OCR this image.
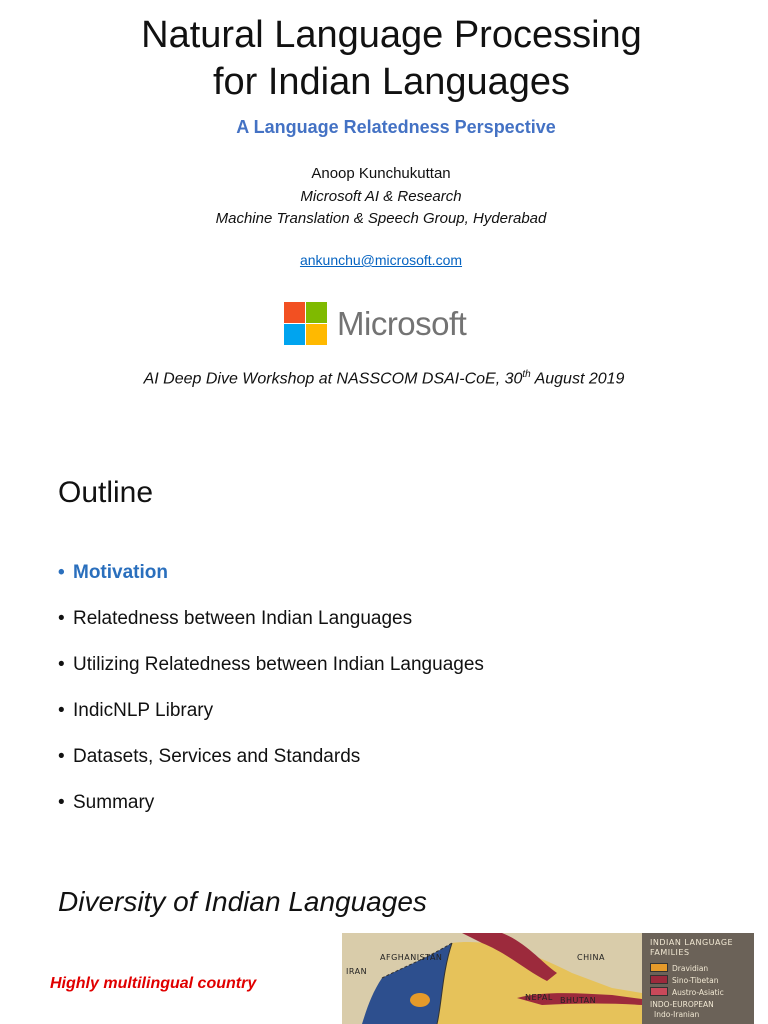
Natural Language Processing
for Indian Languages
A Language Relatedness Perspective
Anoop Kunchukuttan
Microsoft AI & Research
Machine Translation & Speech Group, Hyderabad
ankunchu@microsoft.com
Microsoft
AI Deep Dive Workshop at NASSCOM DSAI-CoE, 30th August 2019
Outline
• Motivation
• Relatedness between Indian Languages
• Utilizing Relatedness between Indian Languages
• IndicNLP Library
• Datasets, Services and Standards
• Summary
Diversity of Indian Languages
Highly multilingual country
AFGHANISTAN
IRAN
CHINA
NEPAL BHUTAN
INDIAN LANGUAGE
FAMILIES
Dravidian
Sino-Tibetan
Austro-Asiatic
INDO-EUROPEAN
Indo-Iranian
